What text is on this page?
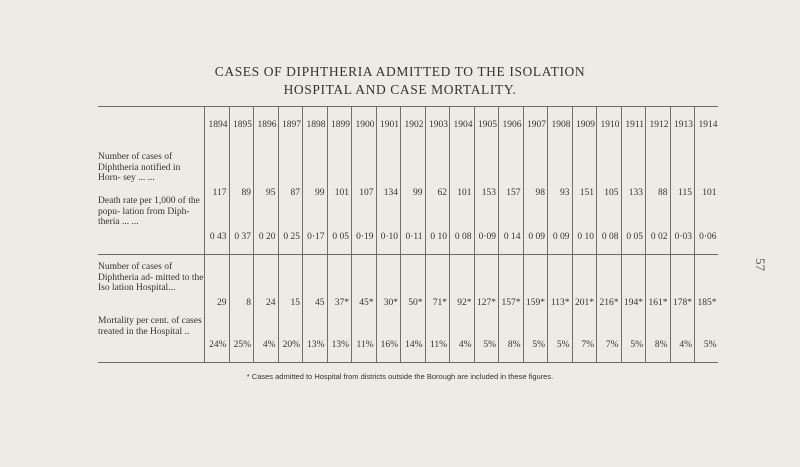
CASES OF DIPHTHERIA ADMITTED TO THE ISOLATION
HOSPITAL AND CASE MORTALITY.
Number of cases of Diphtheria notified in Horn- sey ... ...
Death rate per 1,000 of the popu- lation from Diph- theria ... ...
Number of cases of Diphtheria ad- mitted to the Iso lation Hospital...
Mortality per cent. of cases treated in the Hospital ..
1894
117
0 43
29
24%
1895
89
0 37
8
25%
1896
95
0 20
24
4%
1897
87
0 25
15
20%
1898
99
0·17
45
13%
1899
101
0 05
37*
13%
1900
107
0·19
45*
11%
1901
134
0·10
30*
16%
1902
99
0·11
50*
14%
1903
62
0 10
71*
11%
1904
101
0 08
92*
4%
1905
153
0·09
127*
5%
1906
157
0 14
157*
8%
1907
98
0 09
159*
5%
1908
93
0 09
113*
5%
1909
151
0 10
201*
7%
1910
105
0 08
216*
7%
1911
133
0 05
194*
5%
1912
88
0 02
161*
8%
1913
115
0·03
178*
4%
1914
101
0·06
185*
5%
* Cases admitted to Hospital from districts outside the Borough are included in these figures.
57
